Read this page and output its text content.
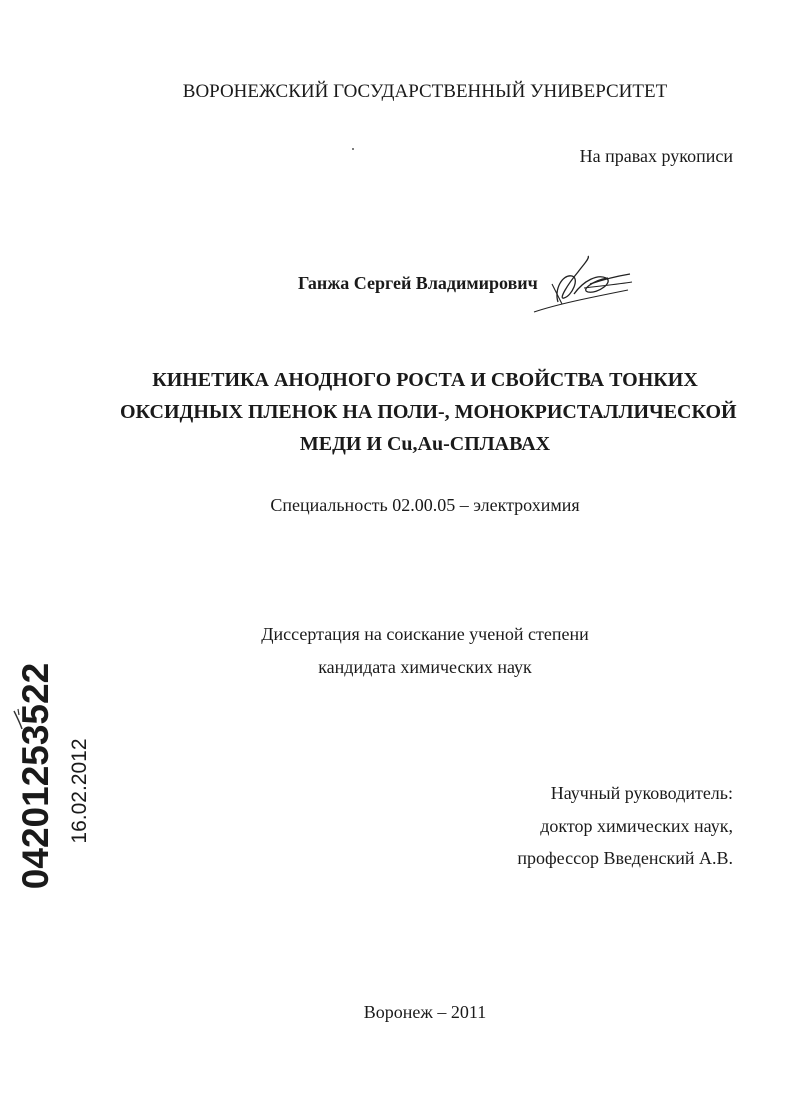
ВОРОНЕЖСКИЙ ГОСУДАРСТВЕННЫЙ УНИВЕРСИТЕТ
На правах рукописи
Ганжа Сергей Владимирович
КИНЕТИКА АНОДНОГО РОСТА И СВОЙСТВА ТОНКИХ
ОКСИДНЫХ ПЛЕНОК НА ПОЛИ-, МОНОКРИСТАЛЛИЧЕСКОЙ
МЕДИ И Cu,Au-СПЛАВАХ
Специальность 02.00.05 – электрохимия
Диссертация на соискание ученой степени
кандидата химических наук
Научный руководитель:
доктор химических наук,
профессор Введенский А.В.
Воронеж – 2011
04201253522 16.02.2012
